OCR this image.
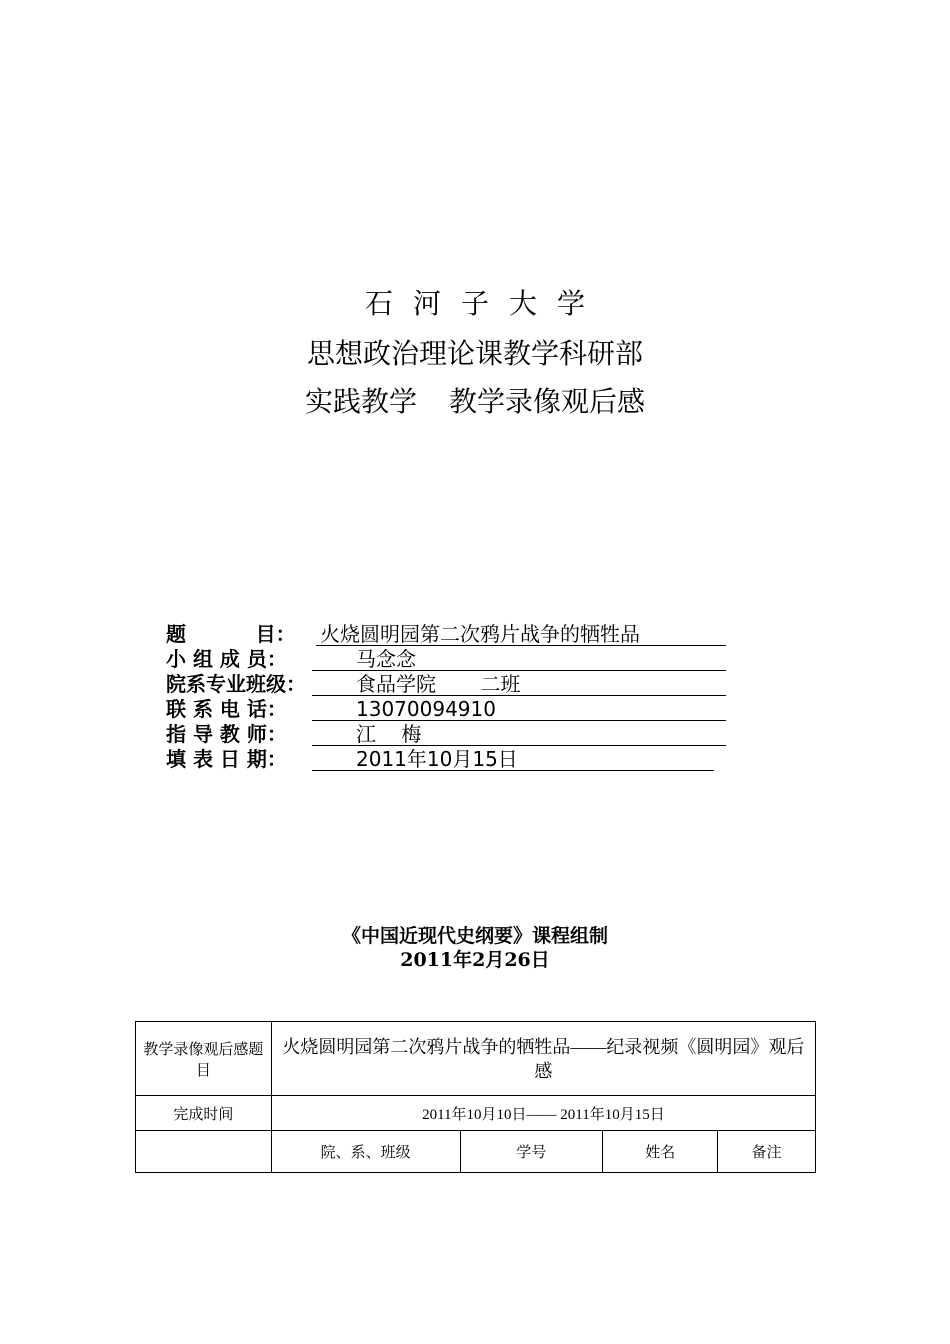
石河子大学
思想政治理论课教学科研部
实践教学 教学录像观后感
题          目： 火烧圆明园第二次鸦片战争的牺牲品
小 组 成 员：	马念念
院系专业班级：	食品学院       二班
联 系 电 话：	13070094910
指 导 教 师：	江    梅
填 表 日 期：	2011年10月15日
《中国近现代史纲要》课程组制
2011年2月26日
教学录像观后感题目	火烧圆明园第二次鸦片战争的牺牲品——纪录视频《圆明园》观后感			
完成时间	2011年10月10日—— 2011年10月15日			
	院、系、班级	学号	姓名	备注
